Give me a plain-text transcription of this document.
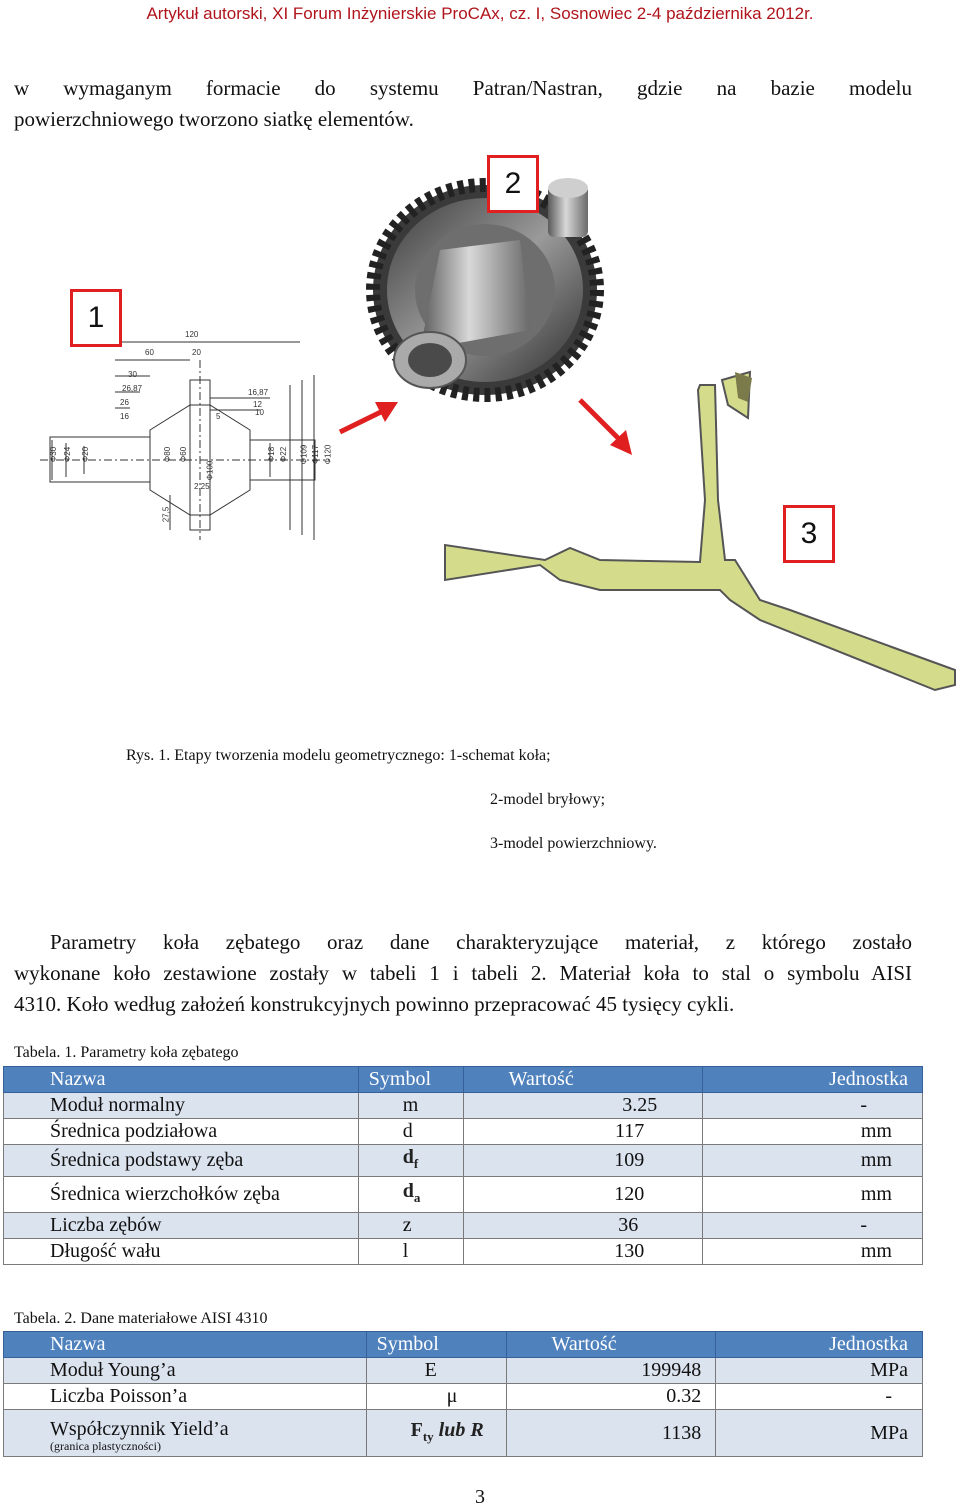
Artykuł autorski, XI Forum Inżynierskie ProCAx, cz. I, Sosnowiec 2-4 października 2012r.
w wymaganym formacie do systemu Patran/Nastran, gdzie na bazie modelu
powierzchniowego tworzono siatkę elementów.
120
60	20
30
26,87
26
16
16,87
12
10
5
Φ30 Φ24 Φ20	Φ18 Φ22	Φ117
Φ109 Φ120
Φ100
Φ80 Φ60
2,25
27,5
1
2
3
Rys. 1. Etapy tworzenia modelu geometrycznego: 1-schemat koła;
2-model bryłowy;
3-model powierzchniowy.
Parametry koła zębatego oraz dane charakteryzujące materiał, z którego zostało
wykonane koło zestawione zostały w tabeli 1 i tabeli 2. Materiał koła to stal o symbolu AISI
4310. Koło według założeń konstrukcyjnych powinno przepracować 45 tysięcy cykli.
Tabela. 1. Parametry koła zębatego
Nazwa	Symbol	Wartość	Jednostka
Moduł normalny	m	3.25	-
Średnica podziałowa	d	117	mm
Średnica podstawy zęba	$d_f$	109	mm
Średnica wierzchołków zęba	$d_a$	120	mm
Liczba zębów	z	36	-
Długość wału	l	130	mm
Tabela. 2. Dane materiałowe AISI 4310
Nazwa	Symbol	Wartość	Jednostka
Moduł Young’a	E	199948	MPa
Liczba Poisson’a	μ	0.32	-
Współczynnik Yield’a
(granica plastyczności)	$F_{ty}$ lub R	1138	MPa
3
